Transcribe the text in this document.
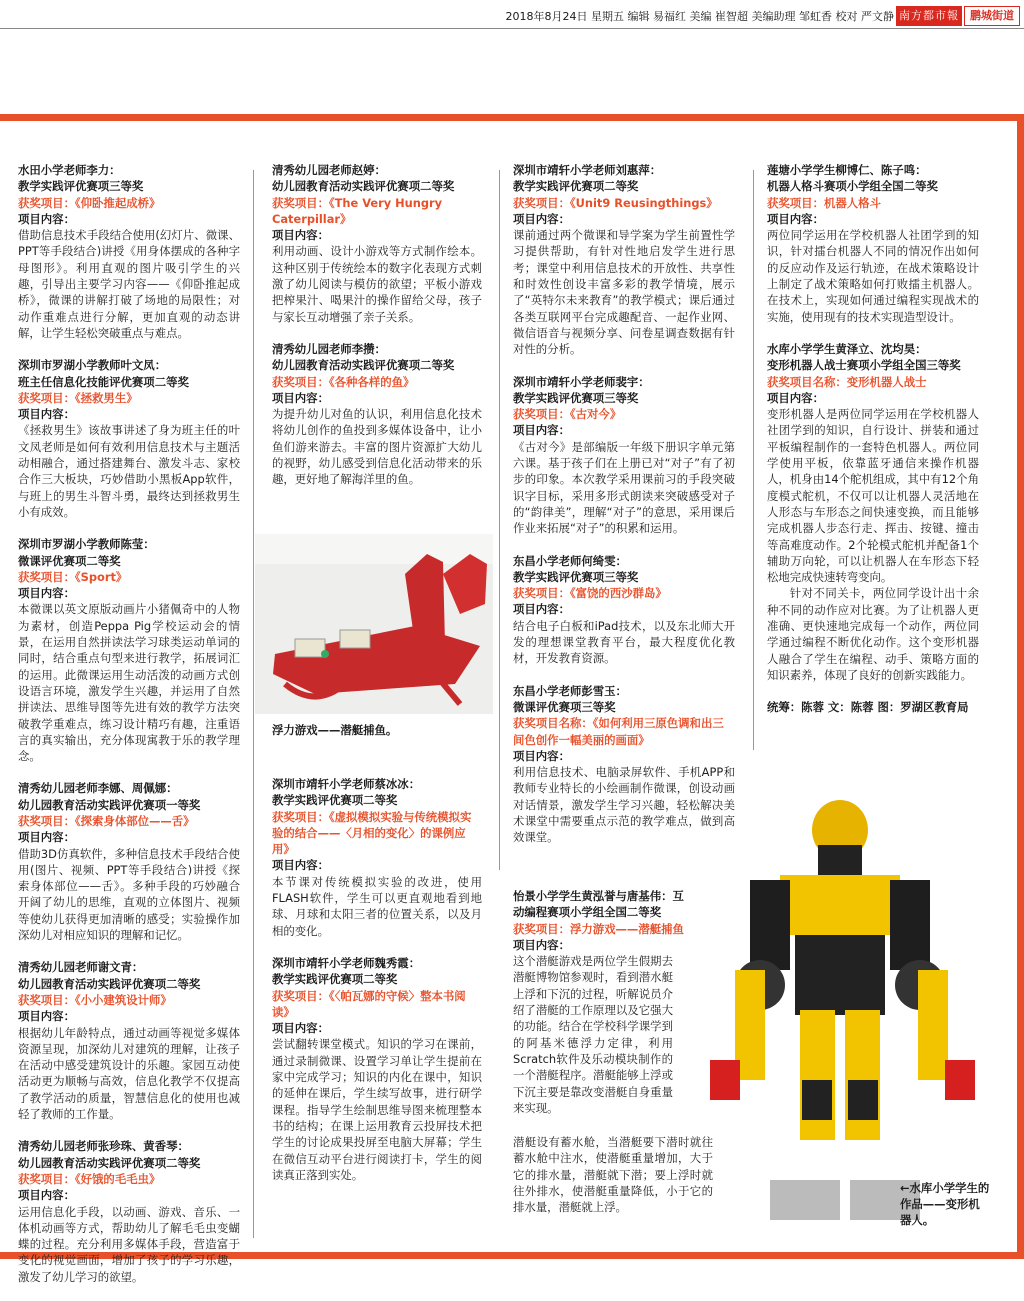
2018年8月24日 星期五 编辑 易福红 美编 崔智超 美编助理 邹虹香 校对 严文静 南方都市報	鹏城街道
水田小学老师李力：
教学实践评优赛项三等奖
获奖项目：《仰卧推起成桥》
项目内容：
借助信息技术手段结合使用(幻灯片、微课、PPT等手段结合)讲授《用身体摆成的各种字母图形》。利用直观的图片吸引学生的兴趣，引导出主要学习内容——《仰卧推起成桥》，微课的讲解打破了场地的局限性；对动作重难点进行分解，更加直观的动态讲解，让学生轻松突破重点与难点。
深圳市罗湖小学教师叶文凤：
班主任信息化技能评优赛项二等奖
获奖项目：《拯救男生》
项目内容：
《拯救男生》该故事讲述了身为班主任的叶文凤老师是如何有效利用信息技术与主题活动相融合，通过搭建舞台、激发斗志、家校合作三大板块，巧妙借助小黑板App软件，与班上的男生斗智斗勇，最终达到拯救男生小有成效。
深圳市罗湖小学教师陈莹：
微课评优赛项二等奖
获奖项目：《Sport》
项目内容：
本微课以英文原版动画片小猪佩奇中的人物为素材，创造Peppa Pig学校运动会的情景，在运用自然拼读法学习球类运动单词的同时，结合重点句型来进行教学，拓展词汇的运用。此微课运用生动活泼的动画方式创设语言环境，激发学生兴趣，并运用了自然拼读法、思维导图等先进有效的教学方法突破教学重难点，练习设计精巧有趣，注重语言的真实输出，充分体现寓教于乐的教学理念。
清秀幼儿园老师李娜、周佩娜：
幼儿园教育活动实践评优赛项一等奖
获奖项目：《探索身体部位——舌》
项目内容：
借助3D仿真软件，多种信息技术手段结合使用(图片、视频、PPT等手段结合)讲授《探索身体部位——舌》。多种手段的巧妙融合开阔了幼儿的思维，直观的立体图片、视频等使幼儿获得更加清晰的感受；实验操作加深幼儿对相应知识的理解和记忆。
清秀幼儿园老师谢文青：
幼儿园教育活动实践评优赛项二等奖
获奖项目：《小小建筑设计师》
项目内容：
根据幼儿年龄特点，通过动画等视觉多媒体资源呈现，加深幼儿对建筑的理解，让孩子在活动中感受建筑设计的乐趣。家园互动使活动更为顺畅与高效，信息化教学不仅提高了教学活动的质量，智慧信息化的使用也减轻了教师的工作量。
清秀幼儿园老师张珍珠、黄香琴：
幼儿园教育活动实践评优赛项二等奖
获奖项目：《好饿的毛毛虫》
项目内容：
运用信息化手段，以动画、游戏、音乐、一体机动画等方式，帮助幼儿了解毛毛虫变蝴蝶的过程。充分利用多媒体手段，营造富于变化的视觉画面，增加了孩子的学习乐趣，激发了幼儿学习的欲望。
清秀幼儿园老师赵婷：
幼儿园教育活动实践评优赛项二等奖
获奖项目：《The Very Hungry Caterpillar》
项目内容：
利用动画、设计小游戏等方式制作绘本。这种区别于传统绘本的数字化表现方式刺激了幼儿阅读与模仿的欲望；平板小游戏把榨果汁、喝果汁的操作留给父母，孩子与家长互动增强了亲子关系。
清秀幼儿园老师李攒：
幼儿园教育活动实践评优赛项二等奖
获奖项目：《各种各样的鱼》
项目内容：
为提升幼儿对鱼的认识，利用信息化技术将幼儿创作的鱼投到多媒体设备中，让小鱼们游来游去。丰富的图片资源扩大幼儿的视野，幼儿感受到信息化活动带来的乐趣，更好地了解海洋里的鱼。
深圳市靖轩小学老师蔡冰冰：
教学实践评优赛项二等奖
获奖项目：《虚拟模拟实验与传统模拟实验的结合——〈月相的变化〉的课例应用》
项目内容：
本节课对传统模拟实验的改进，使用FLASH软件，学生可以更直观地看到地球、月球和太阳三者的位置关系，以及月相的变化。
深圳市靖轩小学老师魏秀霞：
教学实践评优赛项二等奖
获奖项目：《〈帕瓦娜的守候〉整本书阅读》
项目内容：
尝试翻转课堂模式。知识的学习在课前，通过录制微课、设置学习单让学生提前在家中完成学习；知识的内化在课中，知识的延伸在课后，学生续写故事，进行研学课程。指导学生绘制思维导图来梳理整本书的结构；在课上运用教育云投屏技术把学生的讨论成果投屏至电脑大屏幕；学生在微信互动平台进行阅读打卡，学生的阅读真正落到实处。
深圳市靖轩小学老师刘惠萍：
教学实践评优赛项二等奖
获奖项目：《Unit9 Reusingthings》
项目内容：
课前通过两个微课和导学案为学生前置性学习提供帮助，有针对性地启发学生进行思考；课堂中利用信息技术的开放性、共享性和时效性创设丰富多彩的教学情境，展示了“英特尔未来教育”的教学模式；课后通过各类互联网平台完成趣配音、一起作业网、微信语音与视频分享、问卷星调查数据有针对性的分析。
深圳市靖轩小学老师裴宇：
教学实践评优赛项三等奖
获奖项目：《古对今》
项目内容：
《古对今》是部编版一年级下册识字单元第六课。基于孩子们在上册已对“对子”有了初步的印象。本次教学采用课前习的手段突破识字目标，采用多形式朗读来突破感受对子的“韵律美”，理解“对子”的意思，采用课后作业来拓展“对子”的积累和运用。
东昌小学老师何绮雯：
教学实践评优赛项三等奖
获奖项目：《富饶的西沙群岛》
项目内容：
结合电子白板和iPad技术，以及东北师大开发的理想课堂教育平台，最大程度优化教材，开发教育资源。
东昌小学老师彭雪玉：
微课评优赛项三等奖
获奖项目名称：《如何利用三原色调和出三间色创作一幅美丽的画面》
项目内容：
利用信息技术、电脑录屏软件、手机APP和教师专业特长的小绘画制作微课，创设动画对话情景，激发学生学习兴趣，轻松解决美术课堂中需要重点示范的教学难点，做到高效课堂。
莲塘小学学生柳博仁、陈子鸣：
机器人格斗赛项小学组全国二等奖
获奖项目：机器人格斗
项目内容：
两位同学运用在学校机器人社团学到的知识，针对擂台机器人不同的情况作出如何的反应动作及运行轨迹，在战术策略设计上制定了战术策略如何打败擂主机器人。在技术上，实现如何通过编程实现战术的实施，使用现有的技术实现造型设计。
水库小学学生黄泽立、沈均昊：
变形机器人战士赛项小学组全国三等奖
获奖项目名称：变形机器人战士
项目内容：
变形机器人是两位同学运用在学校机器人社团学到的知识，自行设计、拼装和通过平板编程制作的一套特色机器人。两位同学使用平板，依靠蓝牙通信来操作机器人，机身由14个舵机组成，其中有12个角度模式舵机，不仅可以让机器人灵活地在人形态与车形态之间快速变换，而且能够完成机器人步态行走、挥击、按键、撞击等高难度动作。2个轮模式舵机并配备1个辅助万向轮，可以让机器人在车形态下轻松地完成快速转弯变向。
针对不同关卡，两位同学设计出十余种不同的动作应对比赛。为了让机器人更准确、更快速地完成每一个动作，两位同学通过编程不断优化动作。这个变形机器人融合了学生在编程、动手、策略方面的知识素养，体现了良好的创新实践能力。
统筹：陈蓉 文：陈蓉 图：罗湖区教育局
浮力游戏——潜艇捕鱼。
怡景小学学生黄泓誉与唐基伟：互动编程赛项小学组全国二等奖
获奖项目：浮力游戏——潜艇捕鱼
项目内容：
这个潜艇游戏是两位学生假期去潜艇博物馆参观时，看到潜水艇上浮和下沉的过程，听解说员介绍了潜艇的工作原理以及它强大的功能。结合在学校科学课学到的阿基米德浮力定律，利用Scratch软件及乐动模块制作的一个潜艇程序。潜艇能够上浮或下沉主要是靠改变潜艇自身重量来实现。
潜艇设有蓄水舱，当潜艇要下潜时就往蓄水舱中注水，使潜艇重量增加，大于它的排水量，潜艇就下潜；要上浮时就往外排水，使潜艇重量降低，小于它的排水量，潜艇就上浮。
←水库小学学生的作品——变形机器人。
